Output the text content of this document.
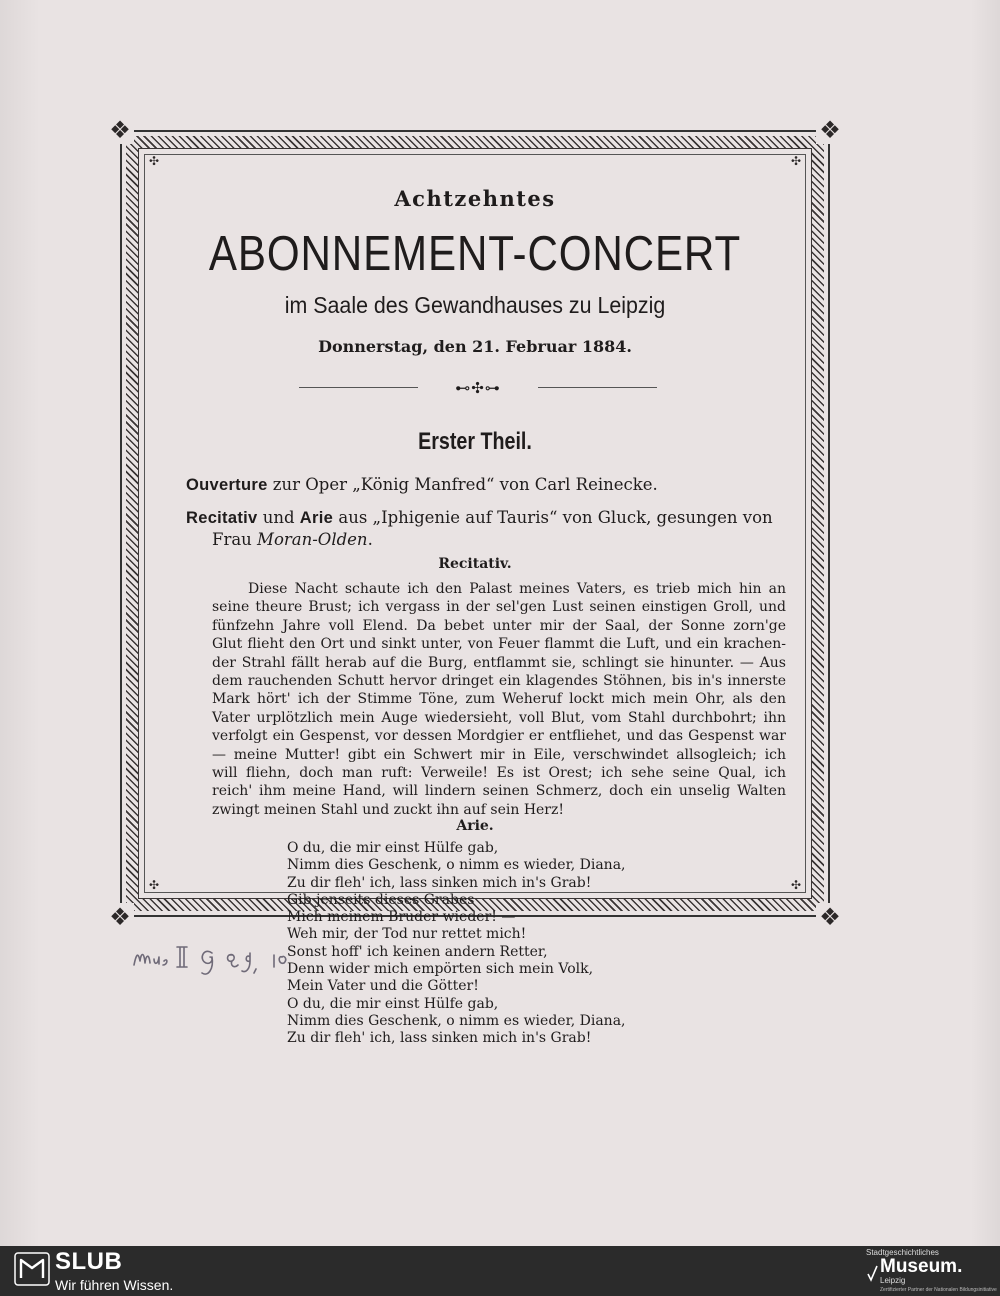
❖	❖
❖	❖
✣	✣
✣	✣
Achtzehntes
ABONNEMENT-CONCERT
im Saale des Gewandhauses zu Leipzig
Donnerstag, den 21. Februar 1884.
⊷✣⊶
Erster Theil.
Ouverture zur Oper „König Manfred“ von Carl Reinecke.
Recitativ und Arie aus „Iphigenie auf Tauris“ von Gluck, gesungen von Frau Moran-Olden.
Recitativ.
Diese Nacht schaute ich den Palast meines Vaters, es trieb mich hin an
seine theure Brust; ich vergass in der sel'gen Lust seinen einstigen Groll, und
fünfzehn Jahre voll Elend. Da bebet unter mir der Saal, der Sonne zorn'ge
Glut flieht den Ort und sinkt unter, von Feuer flammt die Luft, und ein krachen-
der Strahl fällt herab auf die Burg, entflammt sie, schlingt sie hinunter. — Aus
dem rauchenden Schutt hervor dringet ein klagendes Stöhnen, bis in's innerste
Mark hört' ich der Stimme Töne, zum Weheruf lockt mich mein Ohr, als den
Vater urplötzlich mein Auge wiedersieht, voll Blut, vom Stahl durchbohrt; ihn
verfolgt ein Gespenst, vor dessen Mordgier er entfliehet, und das Gespenst war
— meine Mutter! gibt ein Schwert mir in Eile, verschwindet allsogleich; ich
will fliehn, doch man ruft: Verweile! Es ist Orest; ich sehe seine Qual, ich
reich' ihm meine Hand, will lindern seinen Schmerz, doch ein unselig Walten
zwingt meinen Stahl und zuckt ihn auf sein Herz!
Arie.
O du, die mir einst Hülfe gab,
Nimm dies Geschenk, o nimm es wieder, Diana,
Zu dir fleh' ich, lass sinken mich in's Grab!
Gib jenseits dieses Grabes
Mich meinem Bruder wieder! —
Weh mir, der Tod nur rettet mich!
Sonst hoff' ich keinen andern Retter,
Denn wider mich empörten sich mein Volk,
Mein Vater und die Götter!
O du, die mir einst Hülfe gab,
Nimm dies Geschenk, o nimm es wieder, Diana,
Zu dir fleh' ich, lass sinken mich in's Grab!
SLUB
Wir führen Wissen.
Stadtgeschichtliches
Museum.
Leipzig
Zertifizierter Partner der Nationalen Bildungsinitiative
